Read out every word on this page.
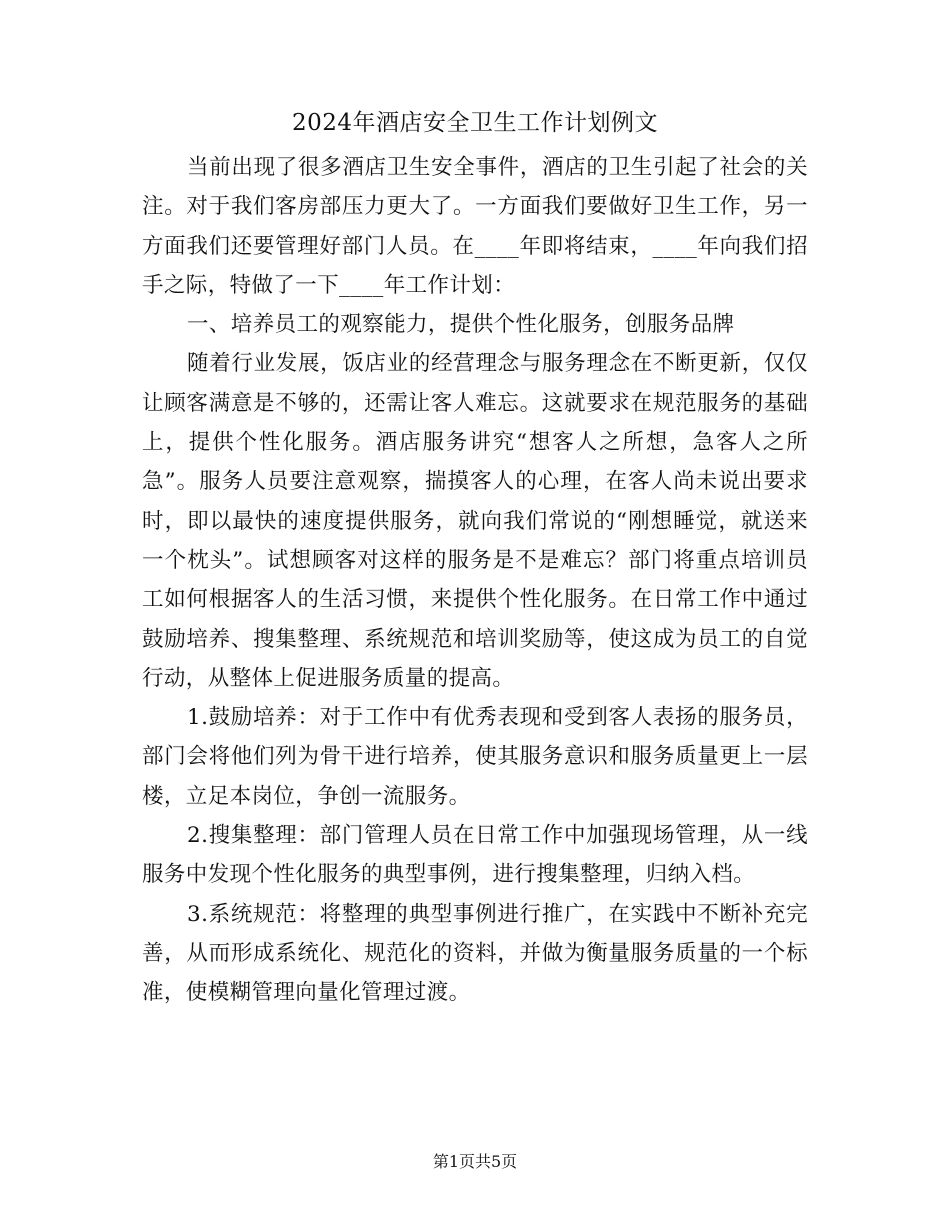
2024年酒店安全卫生工作计划例文

当前出现了很多酒店卫生安全事件，酒店的卫生引起了社会的关注。对于我们客房部压力更大了。一方面我们要做好卫生工作，另一方面我们还要管理好部门人员。在____年即将结束，____年向我们招手之际，特做了一下____年工作计划：

一、培养员工的观察能力，提供个性化服务，创服务品牌

随着行业发展，饭店业的经营理念与服务理念在不断更新，仅仅让顾客满意是不够的，还需让客人难忘。这就要求在规范服务的基础上，提供个性化服务。酒店服务讲究“想客人之所想，急客人之所急”。服务人员要注意观察，揣摸客人的心理，在客人尚未说出要求时，即以最快的速度提供服务，就向我们常说的“刚想睡觉，就送来一个枕头”。试想顾客对这样的服务是不是难忘？部门将重点培训员工如何根据客人的生活习惯，来提供个性化服务。在日常工作中通过鼓励培养、搜集整理、系统规范和培训奖励等，使这成为员工的自觉行动，从整体上促进服务质量的提高。

1.鼓励培养：对于工作中有优秀表现和受到客人表扬的服务员，部门会将他们列为骨干进行培养，使其服务意识和服务质量更上一层楼，立足本岗位，争创一流服务。

2.搜集整理：部门管理人员在日常工作中加强现场管理，从一线服务中发现个性化服务的典型事例，进行搜集整理，归纳入档。

3.系统规范：将整理的典型事例进行推广，在实践中不断补充完善，从而形成系统化、规范化的资料，并做为衡量服务质量的一个标准，使模糊管理向量化管理过渡。

第1页共5页
